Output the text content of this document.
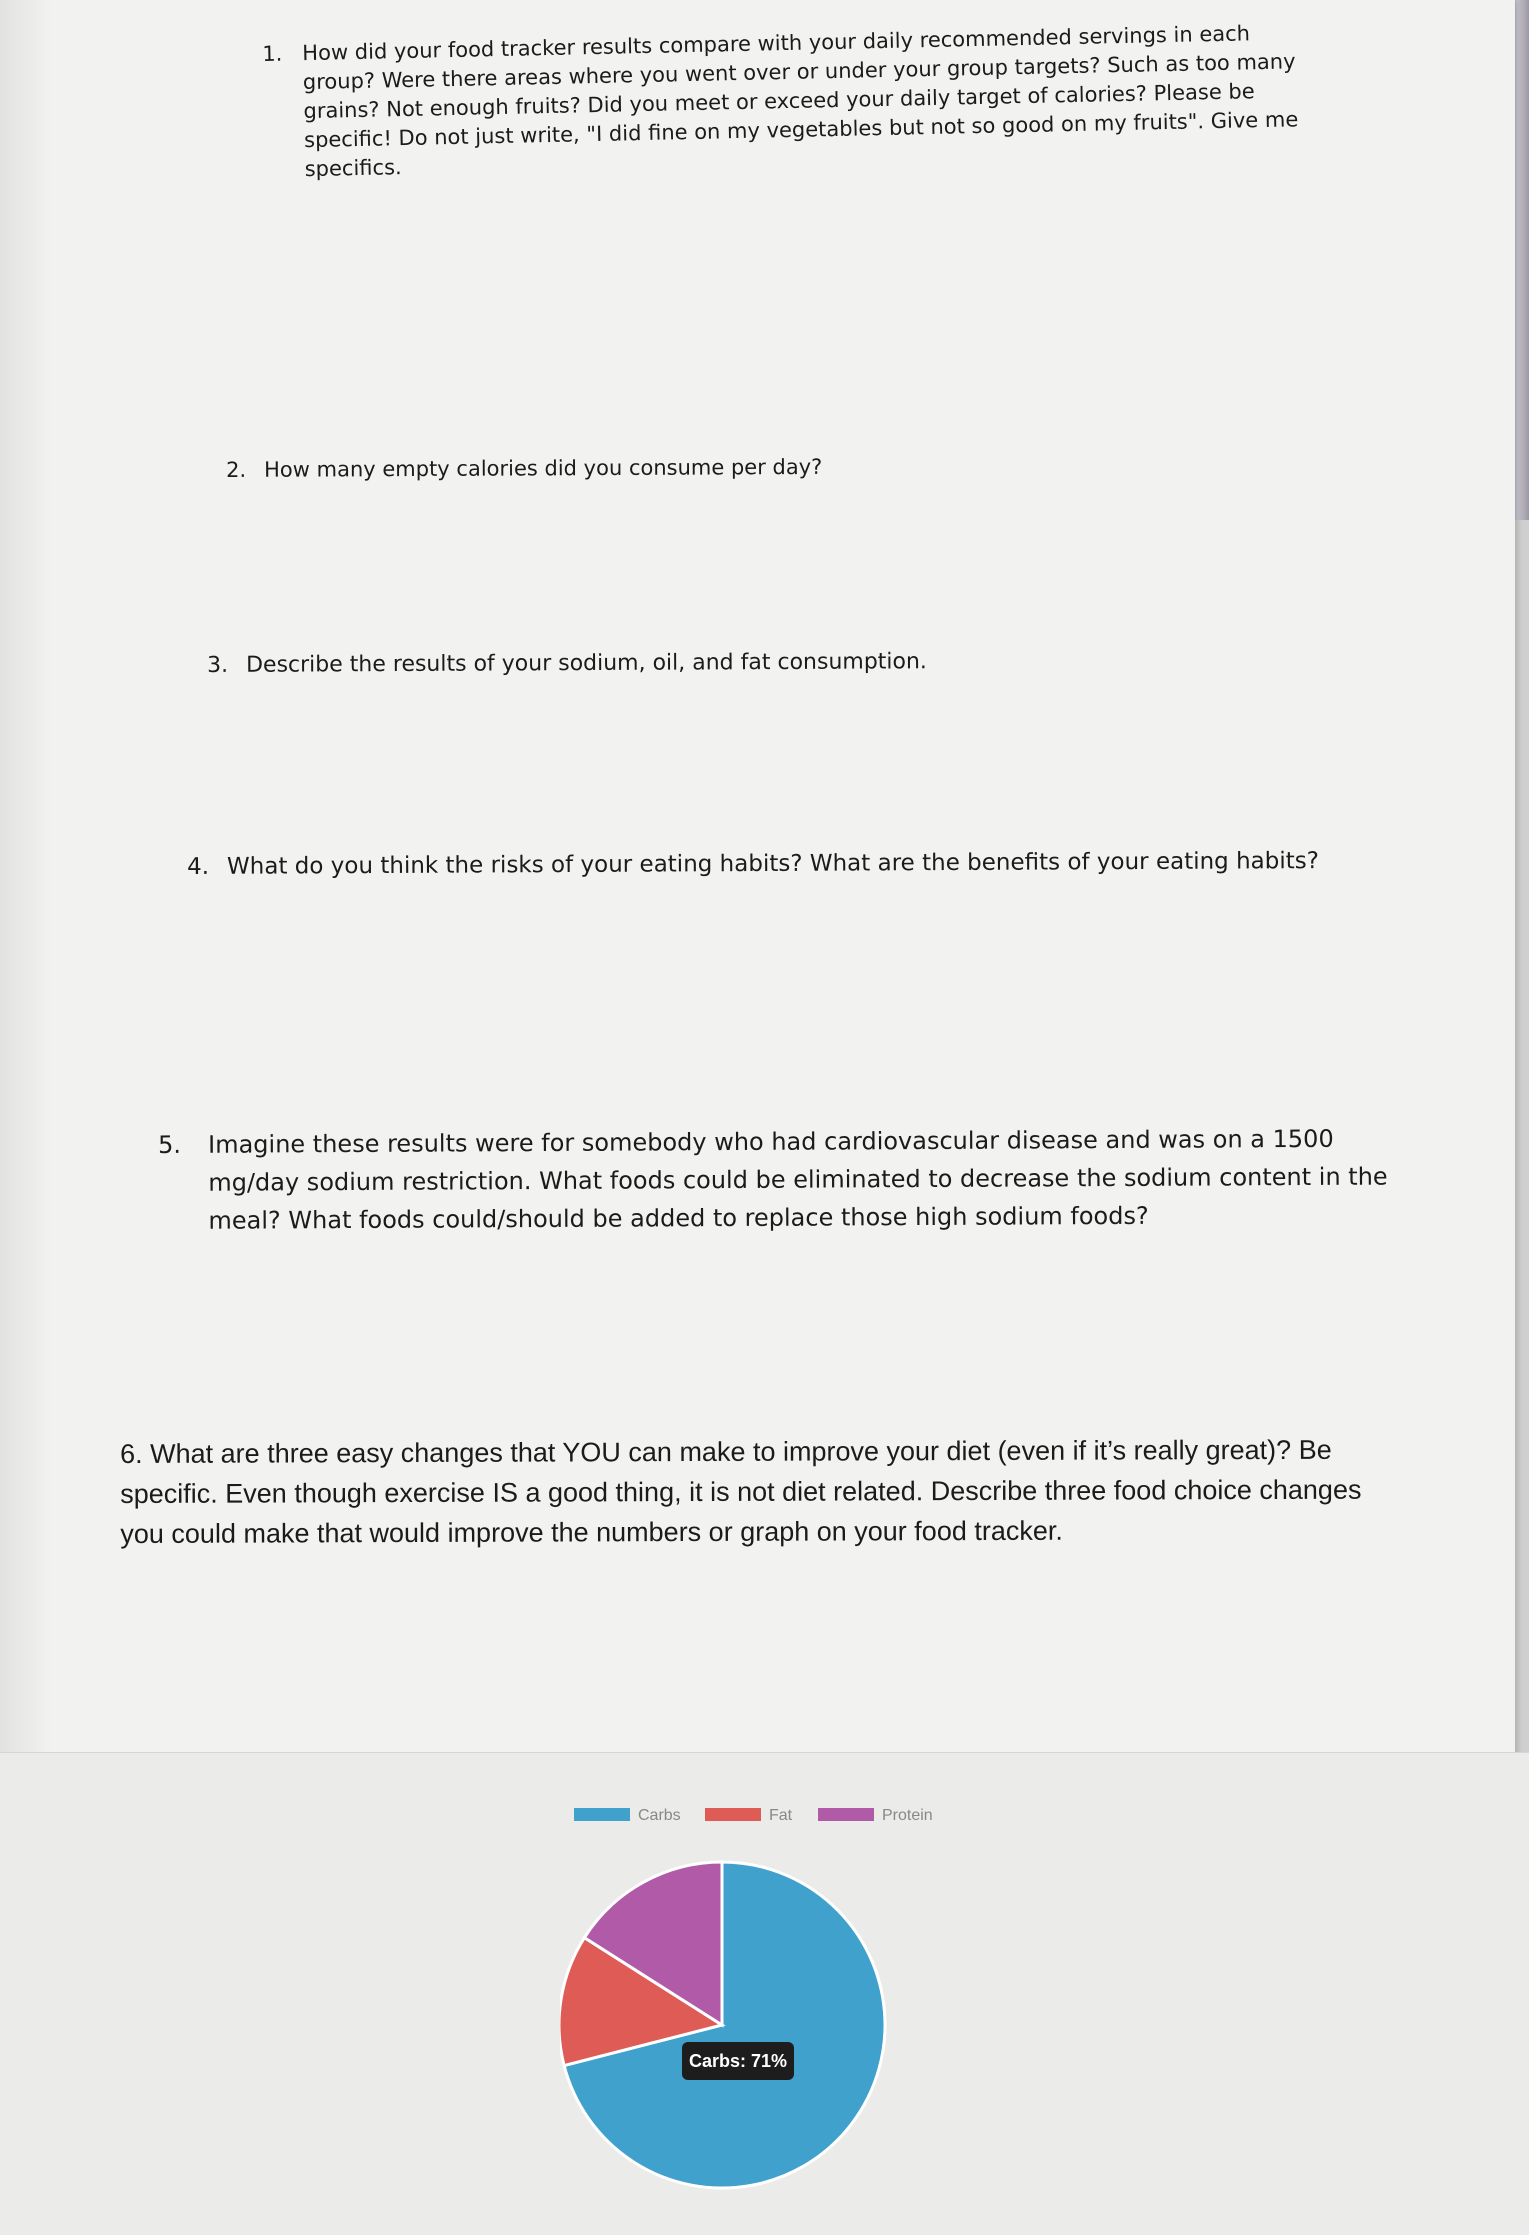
1. How did your food tracker results compare with your daily recommended servings in each group? Were there areas where you went over or under your group targets? Such as too many grains? Not enough fruits? Did you meet or exceed your daily target of calories? Please be specific! Do not just write, "I did fine on my vegetables but not so good on my fruits". Give me specifics.

2. How many empty calories did you consume per day?

3. Describe the results of your sodium, oil, and fat consumption.

4. What do you think the risks of your eating habits? What are the benefits of your eating habits?

5. Imagine these results were for somebody who had cardiovascular disease and was on a 1500 mg/day sodium restriction. What foods could be eliminated to decrease the sodium content in the meal? What foods could/should be added to replace those high sodium foods?

6. What are three easy changes that YOU can make to improve your diet (even if it’s really great)? Be specific. Even though exercise IS a good thing, it is not diet related. Describe three food choice changes you could make that would improve the numbers or graph on your food tracker.

Carbs	Fat	Protein
Carbs: 71%
